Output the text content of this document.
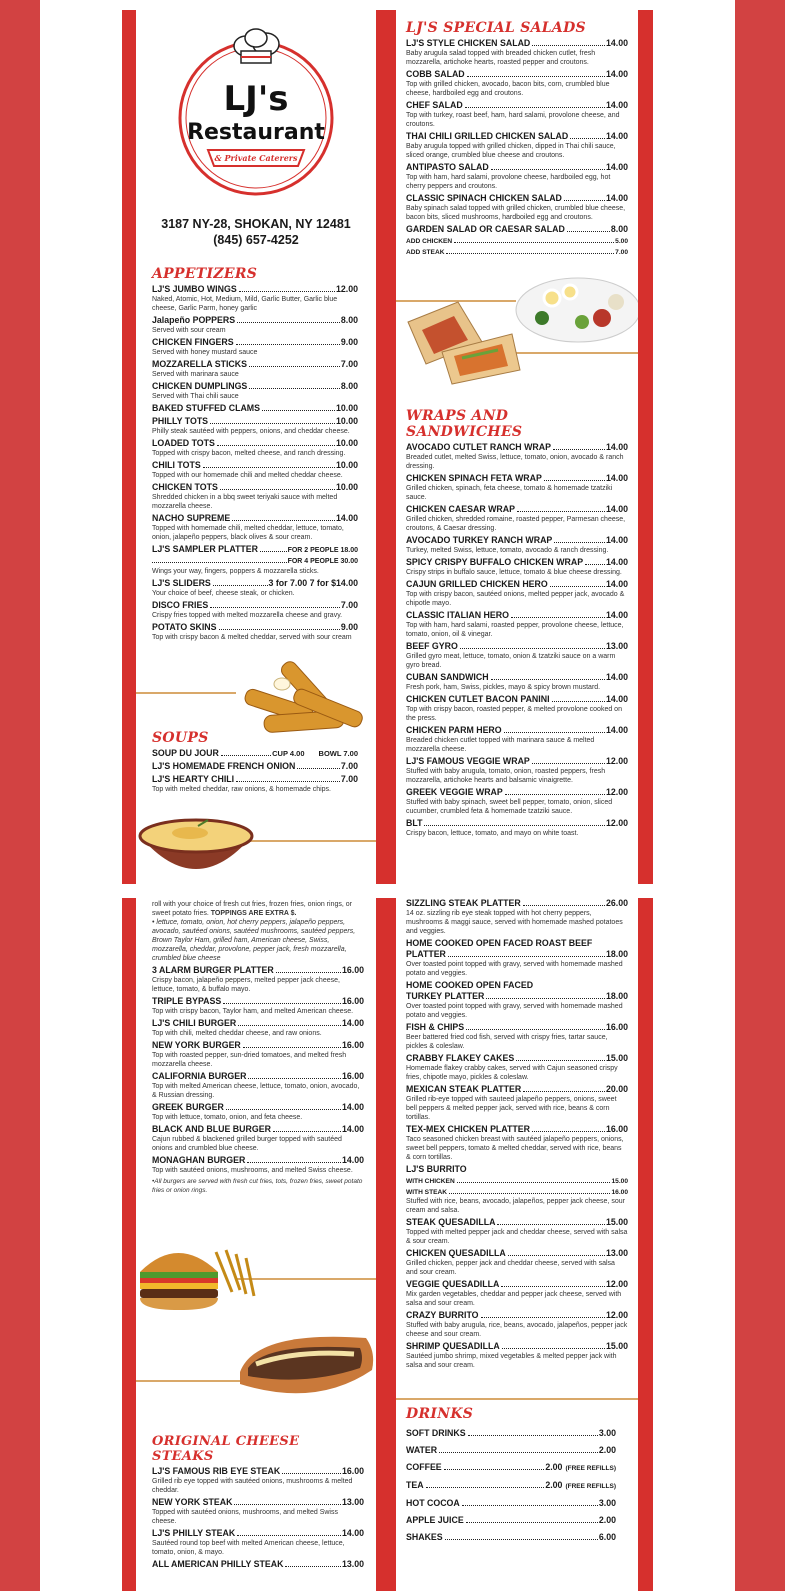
LJ's
Restaurant
& Private Caterers
3187 NY-28, SHOKAN, NY 12481
(845) 657-4252
APPETIZERS
LJ'S JUMBO WINGS	12.00
Naked, Atomic, Hot, Medium, Mild, Garlic Butter, Garlic blue cheese, Garlic Parm, honey garlic
Jalapeño POPPERS	8.00
Served with sour cream
CHICKEN FINGERS	9.00
Served with honey mustard sauce
MOZZARELLA STICKS	7.00
Served with marinara sauce
CHICKEN DUMPLINGS	8.00
Served with Thai chili sauce
BAKED STUFFED CLAMS	10.00
PHILLY TOTS	10.00
Philly steak sautéed with peppers, onions, and cheddar cheese.
LOADED TOTS	10.00
Topped with crispy bacon, melted cheese, and ranch dressing.
CHILI TOTS	10.00
Topped with our homemade chili and melted cheddar cheese.
CHICKEN TOTS	10.00
Shredded chicken in a bbq sweet teriyaki sauce with melted mozzarella cheese.
NACHO SUPREME	14.00
Topped with homemade chili, melted cheddar, lettuce, tomato, onion, jalapeño peppers, black olives & sour cream.
LJ'S SAMPLER PLATTER	FOR 2 PEOPLE 18.00
FOR 4 PEOPLE 30.00
Wings your way, fingers, poppers & mozzarella sticks.
LJ'S SLIDERS	3 for 7.00 7 for $14.00
Your choice of beef, cheese steak, or chicken.
DISCO FRIES	7.00
Crispy fries topped with melted mozzarella cheese and gravy.
POTATO SKINS	9.00
Top with crispy bacon & melted cheddar, served with sour cream
SOUPS
SOUP DU JOUR	CUP 4.00 BOWL 7.00
LJ'S HOMEMADE FRENCH ONION	7.00
LJ'S HEARTY CHILI	7.00
Top with melted cheddar, raw onions, & homemade chips.
LJ'S SPECIAL SALADS
LJ'S STYLE CHICKEN SALAD	14.00
Baby arugula salad topped with breaded chicken cutlet, fresh mozzarella, artichoke hearts, roasted pepper and croutons.
COBB SALAD	14.00
Top with grilled chicken, avocado, bacon bits, corn, crumbled blue cheese, hardboiled egg and croutons.
CHEF SALAD	14.00
Top with turkey, roast beef, ham, hard salami, provolone cheese, and croutons.
THAI CHILI GRILLED CHICKEN SALAD	14.00
Baby arugula topped with grilled chicken, dipped in Thai chili sauce, sliced orange, crumbled blue cheese and croutons.
ANTIPASTO SALAD	14.00
Top with ham, hard salami, provolone cheese, hardboiled egg, hot cherry peppers and croutons.
CLASSIC SPINACH CHICKEN SALAD	14.00
Baby spinach salad topped with grilled chicken, crumbled blue cheese, bacon bits, sliced mushrooms, hardboiled egg and croutons.
GARDEN SALAD OR CAESAR SALAD	8.00
ADD CHICKEN	5.00
ADD STEAK	7.00
WRAPS AND SANDWICHES
AVOCADO CUTLET RANCH WRAP	14.00
Breaded cutlet, melted Swiss, lettuce, tomato, onion, avocado & ranch dressing.
CHICKEN SPINACH FETA WRAP	14.00
Grilled chicken, spinach, feta cheese, tomato & homemade tzatziki sauce.
CHICKEN CAESAR WRAP	14.00
Grilled chicken, shredded romaine, roasted pepper, Parmesan cheese, croutons, & Caesar dressing.
AVOCADO TURKEY RANCH WRAP	14.00
Turkey, melted Swiss, lettuce, tomato, avocado & ranch dressing.
SPICY CRISPY BUFFALO CHICKEN WRAP	14.00
Crispy strips in buffalo sauce, lettuce, tomato & blue cheese dressing.
CAJUN GRILLED CHICKEN HERO	14.00
Top with crispy bacon, sautéed onions, melted pepper jack, avocado & chipotle mayo.
CLASSIC ITALIAN HERO	14.00
Top with ham, hard salami, roasted pepper, provolone cheese, lettuce, tomato, onion, oil & vinegar.
BEEF GYRO	13.00
Grilled gyro meat, lettuce, tomato, onion & tzatziki sauce on a warm gyro bread.
CUBAN SANDWICH	14.00
Fresh pork, ham, Swiss, pickles, mayo & spicy brown mustard.
CHICKEN CUTLET BACON PANINI	14.00
Top with crispy bacon, roasted pepper, & melted provolone cooked on the press.
CHICKEN PARM HERO	14.00
Breaded chicken cutlet topped with marinara sauce & melted mozzarella cheese.
LJ'S FAMOUS VEGGIE WRAP	12.00
Stuffed with baby arugula, tomato, onion, roasted peppers, fresh mozzarella, artichoke hearts and balsamic vinaigrette.
GREEK VEGGIE WRAP	12.00
Stuffed with baby spinach, sweet bell pepper, tomato, onion, sliced cucumber, crumbled feta & homemade tzatziki sauce.
BLT	12.00
Crispy bacon, lettuce, tomato, and mayo on white toast.
roll with your choice of fresh cut fries, frozen fries, onion rings, or sweet potato fries. TOPPINGS ARE EXTRA $.
• lettuce, tomato, onion, hot cherry peppers, jalapeño peppers, avocado, sautéed onions, sautéed mushrooms, sautéed peppers, Brown Taylor Ham, grilled ham, American cheese, Swiss, mozzarella, cheddar, provolone, pepper jack, fresh mozzarella, crumbled blue cheese
3 ALARM BURGER PLATTER	16.00
Crispy bacon, jalapeño peppers, melted pepper jack cheese, lettuce, tomato, & buffalo mayo.
TRIPLE BYPASS	16.00
Top with crispy bacon, Taylor ham, and melted American cheese.
LJ'S CHILI BURGER	14.00
Top with chili, melted cheddar cheese, and raw onions.
NEW YORK BURGER	16.00
Top with roasted pepper, sun-dried tomatoes, and melted fresh mozzarella cheese.
CALIFORNIA BURGER	16.00
Top with melted American cheese, lettuce, tomato, onion, avocado, & Russian dressing.
GREEK BURGER	14.00
Top with lettuce, tomato, onion, and feta cheese.
BLACK AND BLUE BURGER	14.00
Cajun rubbed & blackened grilled burger topped with sautéed onions and crumbled blue cheese.
MONAGHAN BURGER	14.00
Top with sautéed onions, mushrooms, and melted Swiss cheese.
•All burgers are served with fresh cut fries, tots, frozen fries, sweet potato fries or onion rings.
ORIGINAL CHEESE STEAKS
LJ'S FAMOUS RIB EYE STEAK	16.00
Grilled rib eye topped with sautéed onions, mushrooms & melted cheddar.
NEW YORK STEAK	13.00
Topped with sautéed onions, mushrooms, and melted Swiss cheese.
LJ'S PHILLY STEAK	14.00
Sautéed round top beef with melted American cheese, lettuce, tomato, onion, & mayo.
ALL AMERICAN PHILLY STEAK	13.00
SIZZLING STEAK PLATTER	26.00
14 oz. sizzling rib eye steak topped with hot cherry peppers, mushrooms & maggi sauce, served with homemade mashed potatoes and veggies.
HOME COOKED OPEN FACED ROAST BEEF
PLATTER	18.00
Over toasted point topped with gravy, served with homemade mashed potato and veggies.
HOME COOKED OPEN FACED
TURKEY PLATTER	18.00
Over toasted point topped with gravy, served with homemade mashed potato and veggies.
FISH & CHIPS	16.00
Beer battered fried cod fish, served with crispy fries, tartar sauce, pickles & coleslaw.
CRABBY FLAKEY CAKES	15.00
Homemade flakey crabby cakes, served with Cajun seasoned crispy fries, chipotle mayo, pickles & coleslaw.
MEXICAN STEAK PLATTER	20.00
Grilled rib-eye topped with sauteed jalapeño peppers, onions, sweet bell peppers & melted pepper jack, served with rice, beans & corn tortillas.
TEX-MEX CHICKEN PLATTER	16.00
Taco seasoned chicken breast with sautéed jalapeño peppers, onions, sweet bell peppers, tomato & melted cheddar, served with rice, beans & corn tortillas.
LJ'S BURRITO
WITH CHICKEN	15.00
WITH STEAK	16.00
Stuffed with rice, beans, avocado, jalapeños, pepper jack cheese, sour cream and salsa.
STEAK QUESADILLA	15.00
Topped with melted pepper jack and cheddar cheese, served with salsa & sour cream.
CHICKEN QUESADILLA	13.00
Grilled chicken, pepper jack and cheddar cheese, served with salsa and sour cream.
VEGGIE QUESADILLA	12.00
Mix garden vegetables, cheddar and pepper jack cheese, served with salsa and sour cream.
CRAZY BURRITO	12.00
Stuffed with baby arugula, rice, beans, avocado, jalapeños, pepper jack cheese and sour cream.
SHRIMP QUESADILLA	15.00
Sautéed jumbo shrimp, mixed vegetables & melted pepper jack with salsa and sour cream.
DRINKS
SOFT DRINKS	3.00
WATER	2.00
COFFEE	2.00 (FREE REFILLS)
TEA	2.00 (FREE REFILLS)
HOT COCOA	3.00
APPLE JUICE	2.00
SHAKES	6.00
